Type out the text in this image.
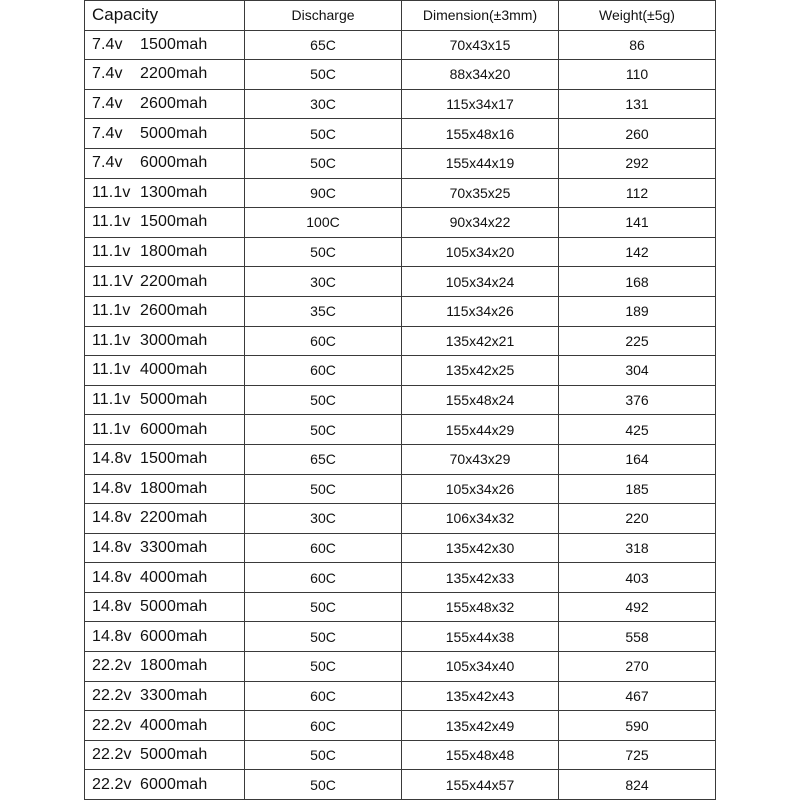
Capacity	Discharge	Dimension(±3mm)	Weight(±5g)
7.4v 1500mah	65C	70x43x15	86
7.4v 2200mah	50C	88x34x20	110
7.4v 2600mah	30C	115x34x17	131
7.4v 5000mah	50C	155x48x16	260
7.4v 6000mah	50C	155x44x19	292
11.1v 1300mah	90C	70x35x25	112
11.1v 1500mah	100C	90x34x22	141
11.1v 1800mah	50C	105x34x20	142
11.1V 2200mah	30C	105x34x24	168
11.1v 2600mah	35C	115x34x26	189
11.1v 3000mah	60C	135x42x21	225
11.1v 4000mah	60C	135x42x25	304
11.1v 5000mah	50C	155x48x24	376
11.1v 6000mah	50C	155x44x29	425
14.8v 1500mah	65C	70x43x29	164
14.8v 1800mah	50C	105x34x26	185
14.8v 2200mah	30C	106x34x32	220
14.8v 3300mah	60C	135x42x30	318
14.8v 4000mah	60C	135x42x33	403
14.8v 5000mah	50C	155x48x32	492
14.8v 6000mah	50C	155x44x38	558
22.2v 1800mah	50C	105x34x40	270
22.2v 3300mah	60C	135x42x43	467
22.2v 4000mah	60C	135x42x49	590
22.2v 5000mah	50C	155x48x48	725
22.2v 6000mah	50C	155x44x57	824
